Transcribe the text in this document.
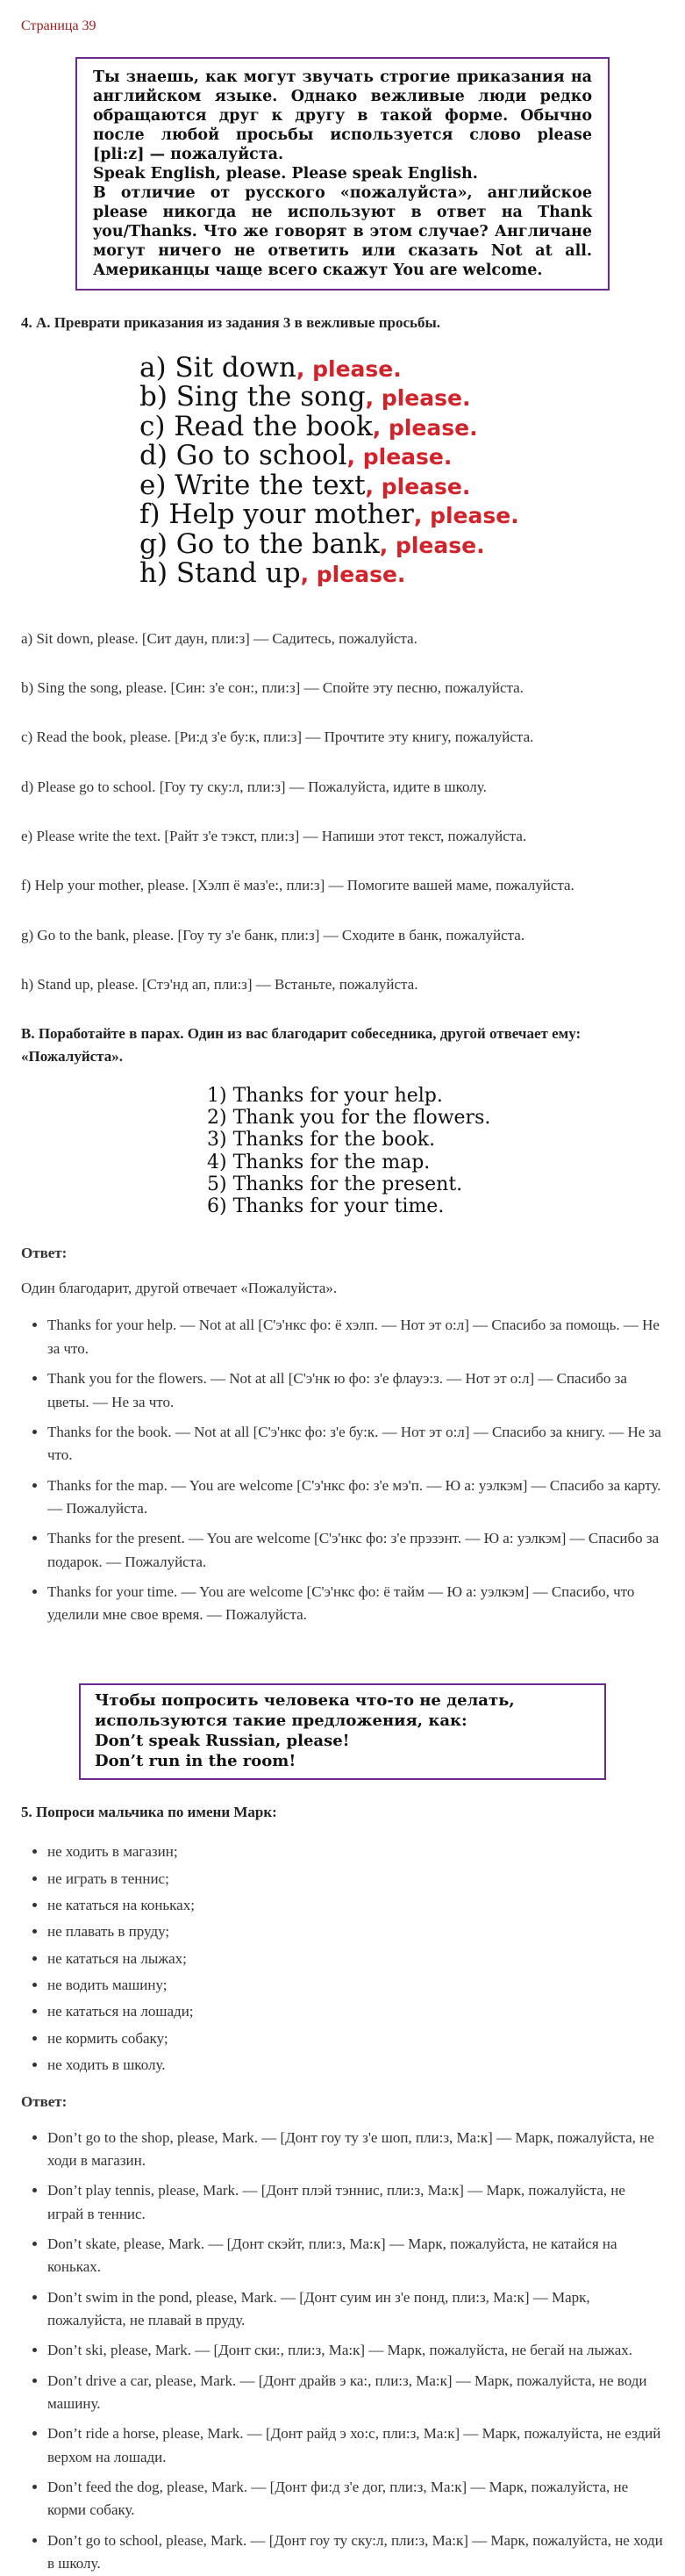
Страница 39

Ты знаешь, как могут звучать строгие приказания на английском языке. Однако вежливые люди редко обращаются друг к другу в такой форме. Обычно после любой просьбы используется слово please [pli:z] — пожалуйста.

Speak English, please. Please speak English.

В отличие от русского «пожалуйста», английское please никогда не используют в ответ на Thank you/Thanks. Что же говорят в этом случае? Англичане могут ничего не ответить или сказать Not at all. Американцы чаще всего скажут You are welcome.

4. А. Преврати приказания из задания 3 в вежливые просьбы.
a) Sit down, please.
b) Sing the song, please.
c) Read the book, please.
d) Go to school, please.
e) Write the text, please.
f) Help your mother, please.
g) Go to the bank, please.
h) Stand up, please.

a) Sit down, please. [Сит даун, пли:з] — Садитесь, пожалуйста.

b) Sing the song, please. [Син: з'е сон:, пли:з] — Спойте эту песню, пожалуйста.

c) Read the book, please. [Ри:д з'е бу:к, пли:з] — Прочтите эту книгу, пожалуйста.

d) Please go to school. [Гоу ту ску:л, пли:з] — Пожалуйста, идите в школу.

e) Please write the text. [Райт з'е тэкст, пли:з] — Напиши этот текст, пожалуйста.

f) Help your mother, please. [Хэлп ё маз'е:, пли:з] — Помогите вашей маме, пожалуйста.

g) Go to the bank, please. [Гоу ту з'е банк, пли:з] — Сходите в банк, пожалуйста.

h) Stand up, please. [Стэ'нд ап, пли:з] — Встаньте, пожалуйста.

В. Поработайте в парах. Один из вас благодарит собеседника, другой отвечает ему: «Пожалуйста».
1) Thanks for your help.
2) Thank you for the flowers.
3) Thanks for the book.
4) Thanks for the map.
5) Thanks for the present.
6) Thanks for your time.
Ответ:

Один благодарит, другой отвечает «Пожалуйста».

• Thanks for your help. — Not at all [С'э'нкс фо: ё хэлп. — Нот эт о:л] — Спасибо за помощь. — Не за что.
• Thank you for the flowers. — Not at all [С'э'нк ю фо: з'е флауэ:з. — Нот эт о:л] — Спасибо за цветы. — Не за что.
• Thanks for the book. — Not at all [С'э'нкс фо: з'е бу:к. — Нот эт о:л] — Спасибо за книгу. — Не за что.
• Thanks for the map. — You are welcome [С'э'нкс фо: з'е мэ'п. — Ю а: уэлкэм] — Спасибо за карту. — Пожалуйста.
• Thanks for the present. — You are welcome [С'э'нкс фо: з'е прэзэнт. — Ю а: уэлкэм] — Спасибо за подарок. — Пожалуйста.
• Thanks for your time. — You are welcome [С'э'нкс фо: ё тайм — Ю а: уэлкэм] — Спасибо, что уделили мне свое время. — Пожалуйста.

Чтобы попросить человека что-то не делать, используются такие предложения, как:

Don’t speak Russian, please!

Don’t run in the room!

5. Попроси мальчика по имени Марк:
• не ходить в магазин;
• не играть в теннис;
• не кататься на коньках;
• не плавать в пруду;
• не кататься на лыжах;
• не водить машину;
• не кататься на лошади;
• не кормить собаку;
• не ходить в школу.
Ответ:
• Don’t go to the shop, please, Mark. — [Донт гоу ту з'е шоп, пли:з, Ма:к] — Марк, пожалуйста, не ходи в магазин.
• Don’t play tennis, please, Mark. — [Донт плэй тэннис, пли:з, Ма:к] — Марк, пожалуйста, не играй в теннис.
• Don’t skate, please, Mark. — [Донт скэйт, пли:з, Ма:к] — Марк, пожалуйста, не катайся на коньках.
• Don’t swim in the pond, please, Mark. — [Донт суим ин з'е понд, пли:з, Ма:к] — Марк, пожалуйста, не плавай в пруду.
• Don’t ski, please, Mark. — [Донт ски:, пли:з, Ма:к] — Марк, пожалуйста, не бегай на лыжах.
• Don’t drive a car, please, Mark. — [Донт драйв э ка:, пли:з, Ма:к] — Марк, пожалуйста, не води машину.
• Don’t ride a horse, please, Mark. — [Донт райд э хо:с, пли:з, Ма:к] — Марк, пожалуйста, не ездий верхом на лошади.
• Don’t feed the dog, please, Mark. — [Донт фи:д з'е дог, пли:з, Ма:к] — Марк, пожалуйста, не корми собаку.
• Don’t go to school, please, Mark. — [Донт гоу ту ску:л, пли:з, Ма:к] — Марк, пожалуйста, не ходи в школу.
